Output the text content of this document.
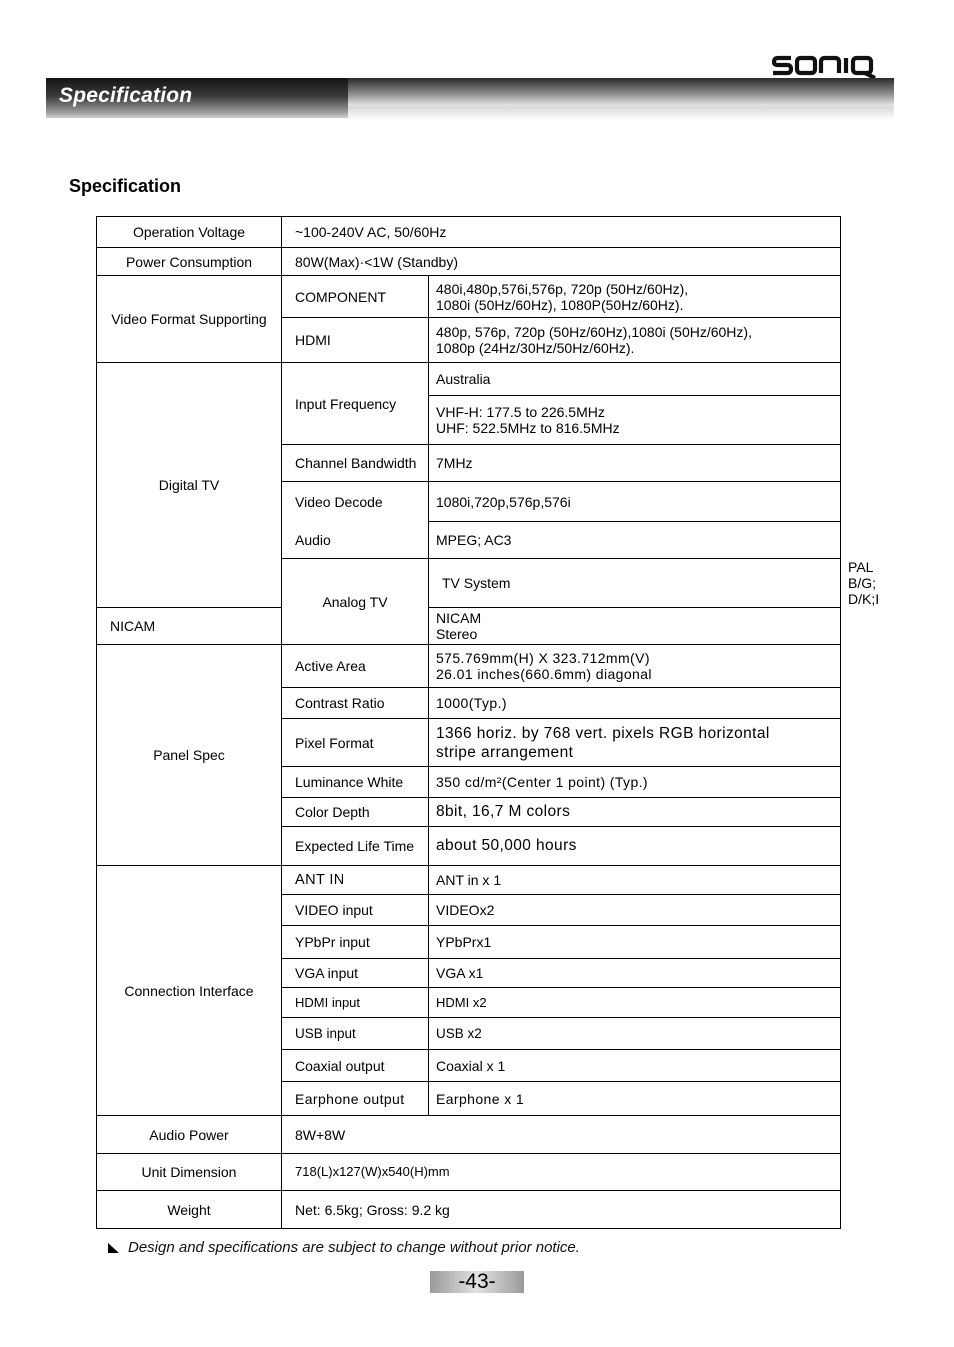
Specification
Specification
Operation Voltage	~100-240V AC, 50/60Hz		
Power Consumption	80W(Max)·<1W (Standby)		
Video Format Supporting	COMPONENT	480i,480p,576i,576p, 720p (50Hz/60Hz),
1080i (50Hz/60Hz), 1080P(50Hz/60Hz).	

	HDMI	480p, 576p, 720p (50Hz/60Hz),1080i (50Hz/60Hz),
1080p (24Hz/30Hz/50Hz/60Hz).	

Digital TV	Input Frequency	Australia	

		VHF-H: 177.5 to 226.5MHz
UHF: 522.5MHz to 816.5MHz	

	Channel Bandwidth	7MHz	
	Video Decode	1080i,720p,576p,576i	
	Audio	MPEG; AC3	
	Analog TV	TV System	PAL B/G; D/K;I
NICAM		NICAM
Stereo	

Panel Spec	Active Area	575.769mm(H) X 323.712mm(V)
26.01 inches(660.6mm) diagonal	

	Contrast Ratio	1000(Typ.)	
	Pixel Format	1366 horiz. by 768 vert. pixels RGB horizontal
stripe arrangement	

	Luminance White	350 cd/m²(Center 1 point) (Typ.)	
	Color Depth	8bit, 16,7 M colors	
	Expected Life Time	about 50,000 hours	
Connection Interface	ANT IN	ANT in x 1	
	VIDEO input	VIDEOx2	
	YPbPr input	YPbPrx1	
	VGA input	VGA x1	
	HDMI input	HDMI x2	
	USB input	USB x2	
	Coaxial output	Coaxial x 1	
	Earphone output	Earphone x 1	
Audio Power	8W+8W		
Unit Dimension	718(L)x127(W)x540(H)mm		
Weight	Net: 6.5kg; Gross: 9.2 kg		
Design and specifications are subject to change without prior notice.
-43-
